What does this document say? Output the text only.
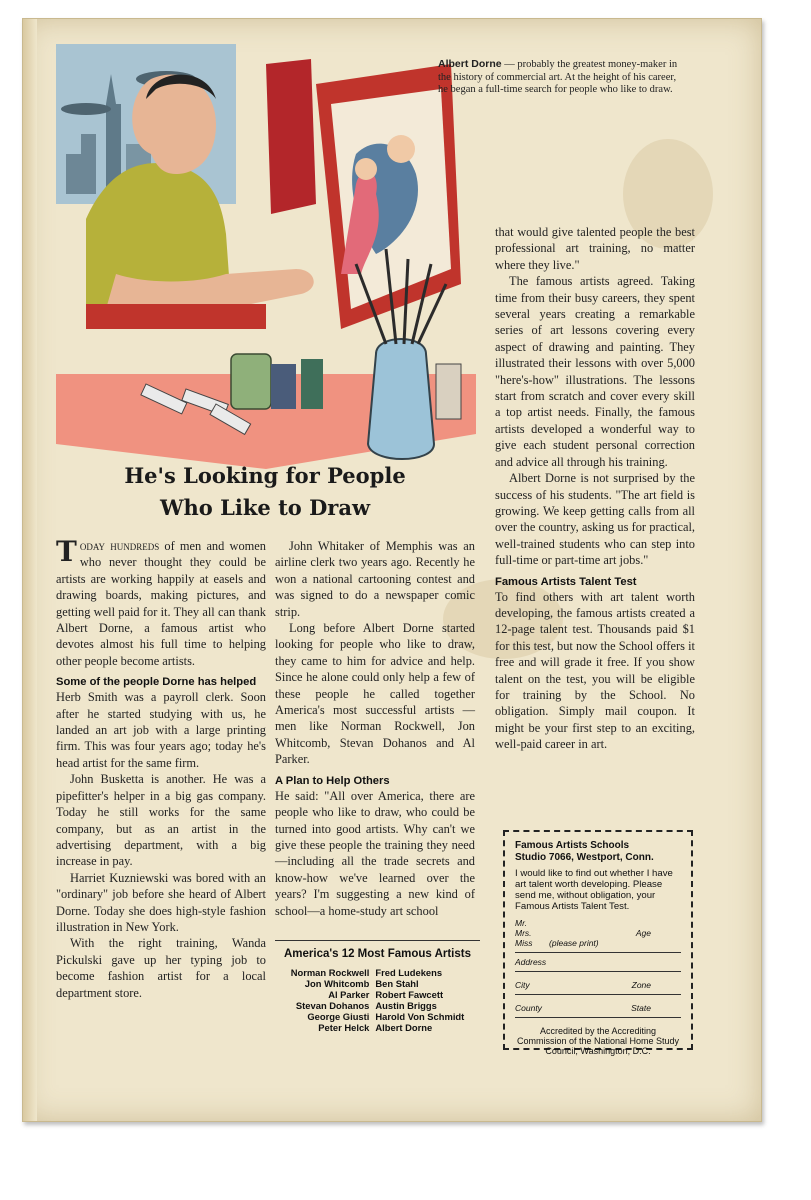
Albert Dorne — probably the greatest money-maker in the history of commercial art. At the height of his career, he began a full-time search for people who like to draw.
He's Looking for People
Who Like to Draw

Today hundreds of men and women who never thought they could be artists are working happily at easels and drawing boards, making pictures, and getting well paid for it. They all can thank Albert Dorne, a famous artist who devotes almost his full time to helping other people become artists.

Some of the people Dorne has helped

Herb Smith was a payroll clerk. Soon after he started studying with us, he landed an art job with a large printing firm. This was four years ago; today he's head artist for the same firm.

John Busketta is another. He was a pipefitter's helper in a big gas company. Today he still works for the same company, but as an artist in the advertising department, with a big increase in pay.

Harriet Kuzniewski was bored with an "ordinary" job before she heard of Albert Dorne. Today she does high-style fashion illustration in New York.

With the right training, Wanda Pickulski gave up her typing job to become fashion artist for a local department store.

John Whitaker of Memphis was an airline clerk two years ago. Recently he won a national cartooning contest and was signed to do a newspaper comic strip.

Long before Albert Dorne started looking for people who like to draw, they came to him for advice and help. Since he alone could only help a few of these people he called together America's most successful artists —men like Norman Rockwell, Jon Whitcomb, Stevan Dohanos and Al Parker.

A Plan to Help Others

He said: "All over America, there are people who like to draw, who could be turned into good artists. Why can't we give these people the training they need—including all the trade secrets and know-how we've learned over the years? I'm suggesting a new kind of school—a home-study art school

that would give talented people the best professional art training, no matter where they live."

The famous artists agreed. Taking time from their busy careers, they spent several years creating a remarkable series of art lessons covering every aspect of drawing and painting. They illustrated their lessons with over 5,000 "here's-how" illustrations. The lessons start from scratch and cover every skill a top artist needs. Finally, the famous artists developed a wonderful way to give each student personal correction and advice all through his training.

Albert Dorne is not surprised by the success of his students. "The art field is growing. We keep getting calls from all over the country, asking us for practical, well-trained students who can step into full-time or part-time art jobs."

Famous Artists Talent Test

To find others with art talent worth developing, the famous artists created a 12-page talent test. Thousands paid $1 for this test, but now the School offers it free and will grade it free. If you show talent on the test, you will be eligible for training by the School. No obligation. Simply mail coupon. It might be your first step to an exciting, well-paid career in art.

America's 12 Most Famous Artists
Norman Rockwell	Fred Ludekens
Jon Whitcomb	Ben Stahl
Al Parker	Robert Fawcett
Stevan Dohanos	Austin Briggs
George Giusti	Harold Von Schmidt
Peter Helck	Albert Dorne
Famous Artists Schools
Studio 7066, Westport, Conn.
I would like to find out whether I have art talent worth developing. Please send me, without obligation, your Famous Artists Talent Test.
Mr.
Mrs.	Age
Miss (please print)
Address
City	Zone
County	State
Accredited by the Accrediting Commission of the National Home Study Council, Washington, D.C.
